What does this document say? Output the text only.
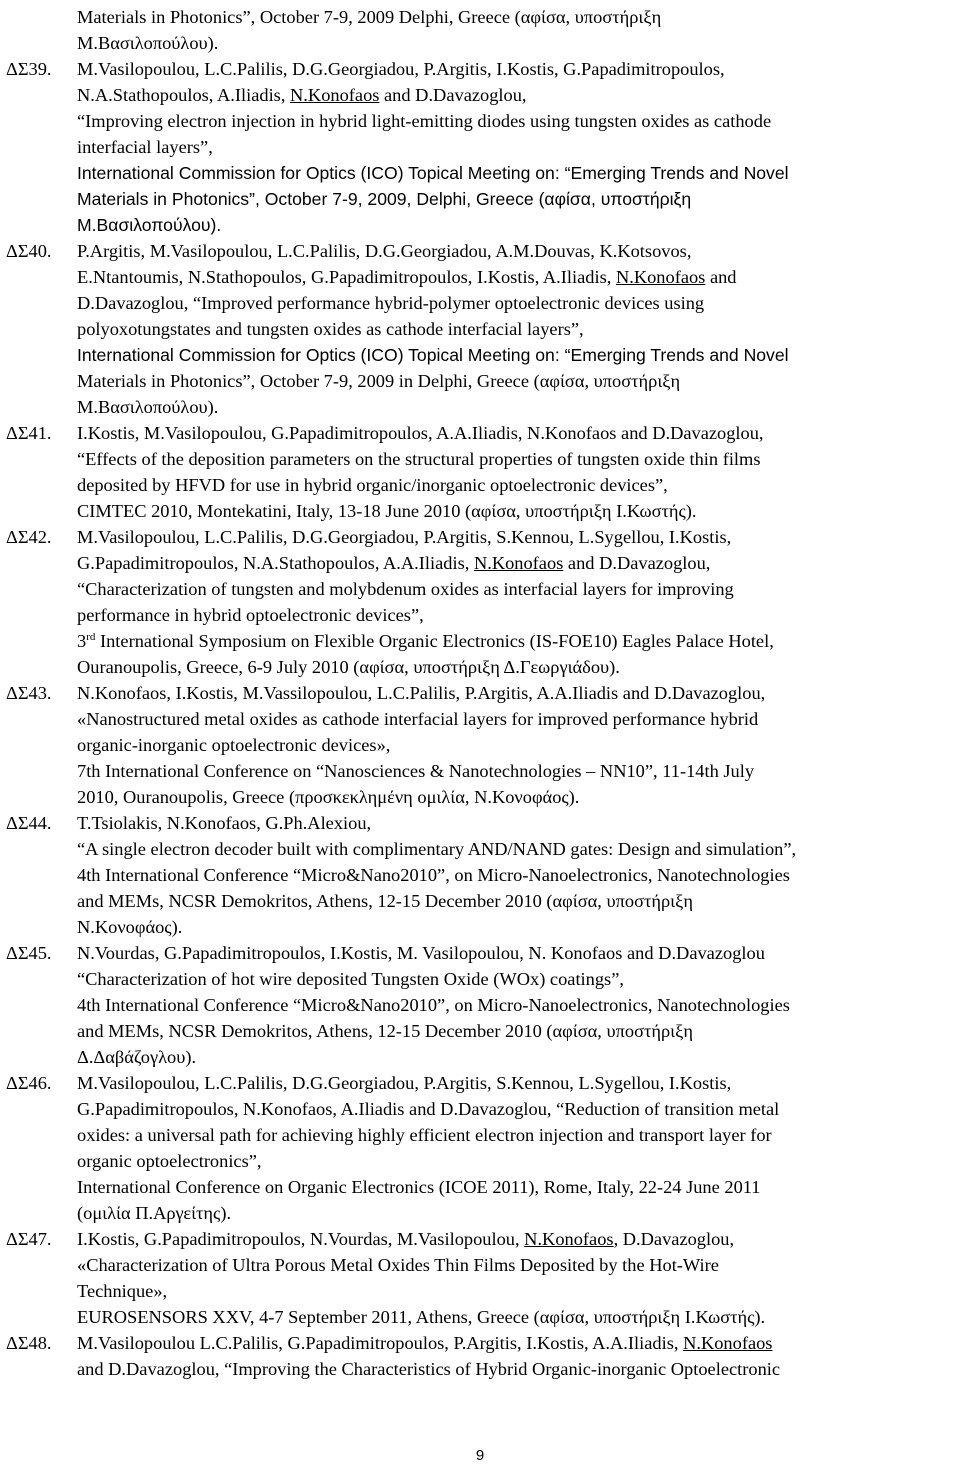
Materials in Photonics”, October 7-9, 2009 Delphi, Greece (αφίσα, υποστήριξη
Μ.Βασιλοπούλου).
ΔΣ39. M.Vasilopoulou, L.C.Palilis, D.G.Georgiadou, P.Argitis, I.Kostis, G.Papadimitropoulos,
N.A.Stathopoulos, A.Iliadis, N.Konofaos and D.Davazoglou,
“Improving electron injection in hybrid light-emitting diodes using tungsten oxides as cathode
interfacial layers”,
International Commission for Optics (ICO) Topical Meeting on: “Emerging Trends and Novel
Materials in Photonics”, October 7-9, 2009, Delphi, Greece (αφίσα, υποστήριξη
Μ.Βασιλοπούλου).
ΔΣ40. P.Argitis, M.Vasilopoulou, L.C.Palilis, D.G.Georgiadou, A.M.Douvas, K.Kotsovos,
E.Ntantoumis, N.Stathopoulos, G.Papadimitropoulos, I.Kostis, A.Iliadis, N.Konofaos and
D.Davazoglou, “Improved performance hybrid-polymer optoelectronic devices using
polyoxotungstates and tungsten oxides as cathode interfacial layers”,
International Commission for Optics (ICO) Topical Meeting on: “Emerging Trends and Novel
Materials in Photonics”, October 7-9, 2009 in Delphi, Greece (αφίσα, υποστήριξη
Μ.Βασιλοπούλου).
ΔΣ41. I.Kostis, M.Vasilopoulou, G.Papadimitropoulos, A.A.Iliadis, N.Konofaos and D.Davazoglou,
“Effects of the deposition parameters on the structural properties of tungsten oxide thin films
deposited by HFVD for use in hybrid organic/inorganic optoelectronic devices”,
CIMTEC 2010, Montekatini, Italy, 13-18 June 2010 (αφίσα, υποστήριξη Ι.Κωστής).
ΔΣ42. M.Vasilopoulou, L.C.Palilis, D.G.Georgiadou, P.Argitis, S.Kennou, L.Sygellou, I.Kostis,
G.Papadimitropoulos, N.A.Stathopoulos, A.A.Iliadis, N.Konofaos and D.Davazoglou,
“Characterization of tungsten and molybdenum oxides as interfacial layers for improving
performance in hybrid optoelectronic devices”,
3rd International Symposium on Flexible Organic Electronics (IS-FOE10) Eagles Palace Hotel,
Ouranoupolis, Greece, 6-9 July 2010 (αφίσα, υποστήριξη Δ.Γεωργιάδου).
ΔΣ43. N.Konofaos, I.Kostis, M.Vassilopoulou, L.C.Palilis, P.Argitis, A.A.Iliadis and D.Davazoglou,
«Nanostructured metal oxides as cathode interfacial layers for improved performance hybrid
organic-inorganic optoelectronic devices»,
7th International Conference on “Nanosciences & Nanotechnologies – NN10”, 11-14th July
2010, Ouranoupolis, Greece (προσκεκλημένη ομιλία, Ν.Κονοφάος).
ΔΣ44. T.Tsiolakis, N.Konofaos, G.Ph.Alexiou,
“A single electron decoder built with complimentary AND/NAND gates: Design and simulation”,
4th International Conference “Micro&Nano2010”, on Micro-Nanoelectronics, Nanotechnologies
and MEMs, NCSR Demokritos, Athens, 12-15 December 2010 (αφίσα, υποστήριξη
Ν.Κονοφάος).
ΔΣ45. N.Vourdas, G.Papadimitropoulos, I.Kostis, M. Vasilopoulou, N. Konofaos and D.Davazoglou
“Characterization of hot wire deposited Tungsten Oxide (WOx) coatings”,
4th International Conference “Micro&Nano2010”, on Micro-Nanoelectronics, Nanotechnologies
and MEMs, NCSR Demokritos, Athens, 12-15 December 2010 (αφίσα, υποστήριξη
Δ.Δαβάζογλου).
ΔΣ46. M.Vasilopoulou, L.C.Palilis, D.G.Georgiadou, P.Argitis, S.Kennou, L.Sygellou, I.Kostis,
G.Papadimitropoulos, N.Konofaos, A.Iliadis and D.Davazoglou, “Reduction of transition metal
oxides: a universal path for achieving highly efficient electron injection and transport layer for
organic optoelectronics”,
International Conference on Organic Electronics (ICOE 2011), Rome, Italy, 22-24 June 2011
(ομιλία Π.Αργείτης).
ΔΣ47. I.Kostis, G.Papadimitropoulos, N.Vourdas, M.Vasilopoulou, N.Konofaos, D.Davazoglou,
«Characterization of Ultra Porous Metal Oxides Thin Films Deposited by the Hot-Wire
Technique»,
EUROSENSORS XXV, 4-7 September 2011, Athens, Greece (αφίσα, υποστήριξη Ι.Κωστής).
ΔΣ48. M.Vasilopoulou L.C.Palilis, G.Papadimitropoulos, P.Argitis, I.Kostis, A.A.Iliadis, N.Konofaos
and D.Davazoglou, “Improving the Characteristics of Hybrid Organic-inorganic Optoelectronic
9
